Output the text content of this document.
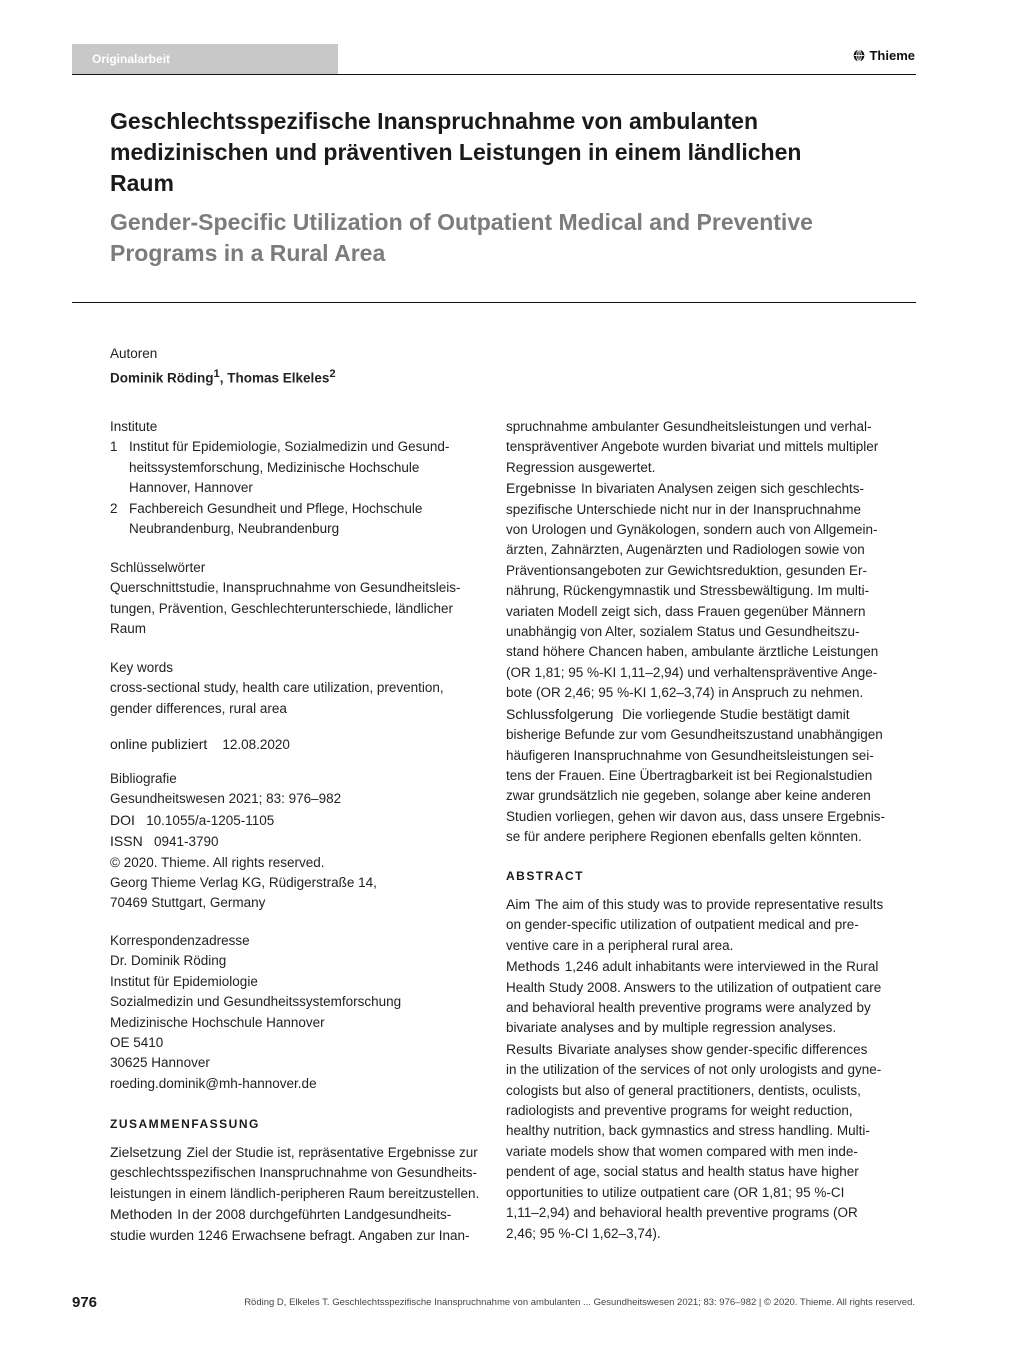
Originalarbeit	Thieme
Geschlechtsspezifische Inanspruchnahme von ambulanten
medizinischen und präventiven Leistungen in einem ländlichen
Raum
Gender-Specific Utilization of Outpatient Medical and Preventive
Programs in a Rural Area
Autoren
Dominik Röding$^1$, Thomas Elkeles$^2$
Institute
1 Institut für Epidemiologie, Sozialmedizin und Gesund-
heitssystemforschung, Medizinische Hochschule
Hannover, Hannover
2 Fachbereich Gesundheit und Pflege, Hochschule
Neubrandenburg, Neubrandenburg
Schlüsselwörter
Querschnittstudie, Inanspruchnahme von Gesundheitsleis-
tungen, Prävention, Geschlechterunterschiede, ländlicher
Raum
Key words
cross-sectional study, health care utilization, prevention,
gender differences, rural area
online publiziert 12.08.2020
Bibliografie
Gesundheitswesen 2021; 83: 976–982
DOI 10.1055/a-1205-1105
ISSN 0941-3790
© 2020. Thieme. All rights reserved.
Georg Thieme Verlag KG, Rüdigerstraße 14,
70469 Stuttgart, Germany
Korrespondenzadresse
Dr. Dominik Röding
Institut für Epidemiologie
Sozialmedizin und Gesundheitssystemforschung
Medizinische Hochschule Hannover
OE 5410
30625 Hannover
roeding.dominik@mh-hannover.de
ZUSAMMENFASSUNG
Zielsetzung Ziel der Studie ist, repräsentative Ergebnisse zur
geschlechtsspezifischen Inanspruchnahme von Gesundheits-
leistungen in einem ländlich-peripheren Raum bereitzustellen.
Methoden In der 2008 durchgeführten Landgesundheits-
studie wurden 1246 Erwachsene befragt. Angaben zur Inan-
spruchnahme ambulanter Gesundheitsleistungen und verhal-
tenspräventiver Angebote wurden bivariat und mittels multipler
Regression ausgewertet.
Ergebnisse In bivariaten Analysen zeigen sich geschlechts-
spezifische Unterschiede nicht nur in der Inanspruchnahme
von Urologen und Gynäkologen, sondern auch von Allgemein-
ärzten, Zahnärzten, Augenärzten und Radiologen sowie von
Präventionsangeboten zur Gewichtsreduktion, gesunden Er-
nährung, Rückengymnastik und Stressbewältigung. Im multi-
variaten Modell zeigt sich, dass Frauen gegenüber Männern
unabhängig von Alter, sozialem Status und Gesundheitszu-
stand höhere Chancen haben, ambulante ärztliche Leistungen
(OR 1,81; 95 %-KI 1,11–2,94) und verhaltenspräventive Ange-
bote (OR 2,46; 95 %-KI 1,62–3,74) in Anspruch zu nehmen.
Schlussfolgerung Die vorliegende Studie bestätigt damit
bisherige Befunde zur vom Gesundheitszustand unabhängigen
häufigeren Inanspruchnahme von Gesundheitsleistungen sei-
tens der Frauen. Eine Übertragbarkeit ist bei Regionalstudien
zwar grundsätzlich nie gegeben, solange aber keine anderen
Studien vorliegen, gehen wir davon aus, dass unsere Ergebnis-
se für andere periphere Regionen ebenfalls gelten könnten.
ABSTRACT
Aim The aim of this study was to provide representative results
on gender-specific utilization of outpatient medical and pre-
ventive care in a peripheral rural area.
Methods 1,246 adult inhabitants were interviewed in the Rural
Health Study 2008. Answers to the utilization of outpatient care
and behavioral health preventive programs were analyzed by
bivariate analyses and by multiple regression analyses.
Results Bivariate analyses show gender-specific differences
in the utilization of the services of not only urologists and gyne-
cologists but also of general practitioners, dentists, oculists,
radiologists and preventive programs for weight reduction,
healthy nutrition, back gymnastics and stress handling. Multi-
variate models show that women compared with men inde-
pendent of age, social status and health status have higher
opportunities to utilize outpatient care (OR 1,81; 95 %-CI
1,11–2,94) and behavioral health preventive programs (OR
2,46; 95 %-CI 1,62–3,74).
976	Röding D, Elkeles T. Geschlechtsspezifische Inanspruchnahme von ambulanten ... Gesundheitswesen 2021; 83: 976–982 | © 2020. Thieme. All rights reserved.
